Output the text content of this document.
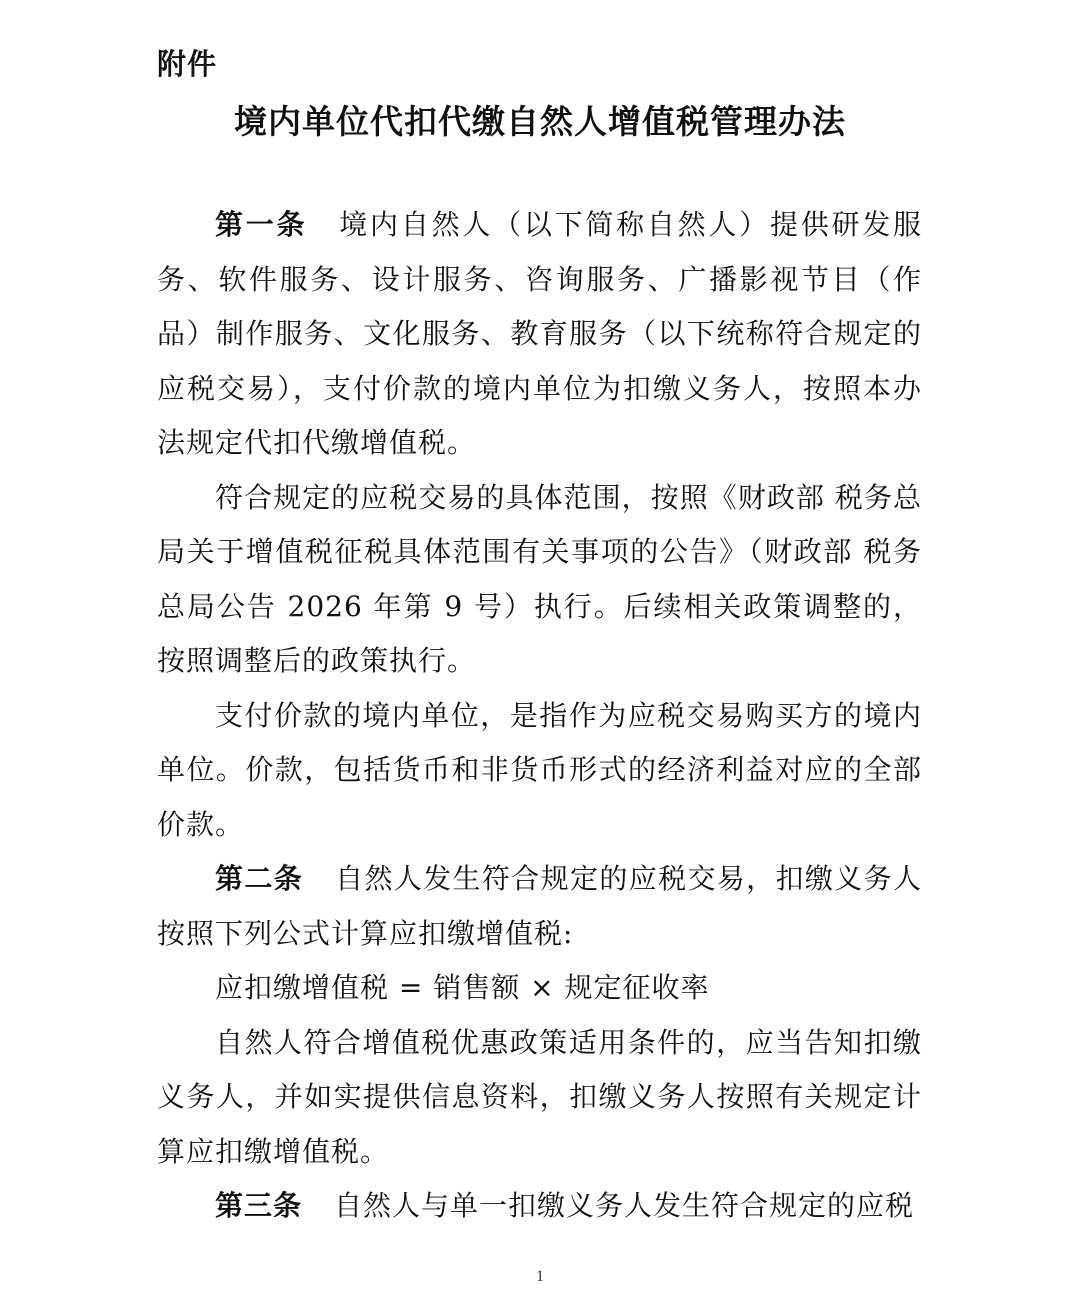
附件
境内单位代扣代缴自然人增值税管理办法

第一条 境内自然人（以下简称自然人）提供研发服务、软件服务、设计服务、咨询服务、广播影视节目（作品）制作服务、文化服务、教育服务（以下统称符合规定的应税交易），支付价款的境内单位为扣缴义务人，按照本办法规定代扣代缴增值税。

符合规定的应税交易的具体范围，按照《财政部 税务总局关于增值税征税具体范围有关事项的公告》（财政部 税务总局公告 2026 年第 9 号）执行。后续相关政策调整的，按照调整后的政策执行。

支付价款的境内单位，是指作为应税交易购买方的境内单位。价款，包括货币和非货币形式的经济利益对应的全部价款。

第二条 自然人发生符合规定的应税交易，扣缴义务人按照下列公式计算应扣缴增值税:

应扣缴增值税 = 销售额 × 规定征收率

自然人符合增值税优惠政策适用条件的，应当告知扣缴义务人，并如实提供信息资料，扣缴义务人按照有关规定计算应扣缴增值税。

第三条 自然人与单一扣缴义务人发生符合规定的应税

1
